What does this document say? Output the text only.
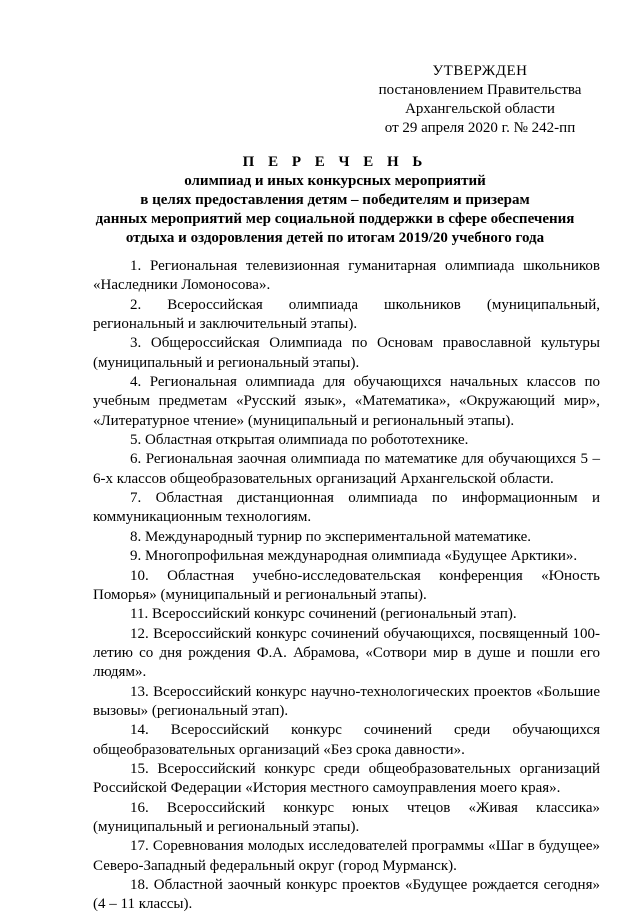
УТВЕРЖДЕН
постановлением Правительства
Архангельской области
от 29 апреля 2020 г. № 242-пп
П Е Р Е Ч Е Н Ь
олимпиад и иных конкурсных мероприятий
в целях предоставления детям – победителям и призерам
данных мероприятий мер социальной поддержки в сфере обеспечения
отдыха и оздоровления детей по итогам 2019/20 учебного года

1. Региональная телевизионная гуманитарная олимпиада школьников «Наследники Ломоносова».

2. Всероссийская олимпиада школьников (муниципальный, региональный и заключительный этапы).

3. Общероссийская Олимпиада по Основам православной культуры (муниципальный и региональный этапы).

4. Региональная олимпиада для обучающихся начальных классов по учебным предметам «Русский язык», «Математика», «Окружающий мир», «Литературное чтение» (муниципальный и региональный этапы).

5. Областная открытая олимпиада по робототехнике.

6. Региональная заочная олимпиада по математике для обучающихся 5 – 6-х классов общеобразовательных организаций Архангельской области.

7. Областная дистанционная олимпиада по информационным и коммуникационным технологиям.

8. Международный турнир по экспериментальной математике.

9. Многопрофильная международная олимпиада «Будущее Арктики».

10. Областная учебно-исследовательская конференция «Юность Поморья» (муниципальный и региональный этапы).

11. Всероссийский конкурс сочинений (региональный этап).

12. Всероссийский конкурс сочинений обучающихся, посвященный 100-летию со дня рождения Ф.А. Абрамова, «Сотвори мир в душе и пошли его людям».

13. Всероссийский конкурс научно-технологических проектов «Большие вызовы» (региональный этап).

14. Всероссийский конкурс сочинений среди обучающихся общеобразовательных организаций «Без срока давности».

15. Всероссийский конкурс среди общеобразовательных организаций Российской Федерации «История местного самоуправления моего края».

16. Всероссийский конкурс юных чтецов «Живая классика» (муниципальный и региональный этапы).

17. Соревнования молодых исследователей программы «Шаг в будущее» Северо-Западный федеральный округ (город Мурманск).

18. Областной заочный конкурс проектов «Будущее рождается сегодня» (4 – 11 классы).
